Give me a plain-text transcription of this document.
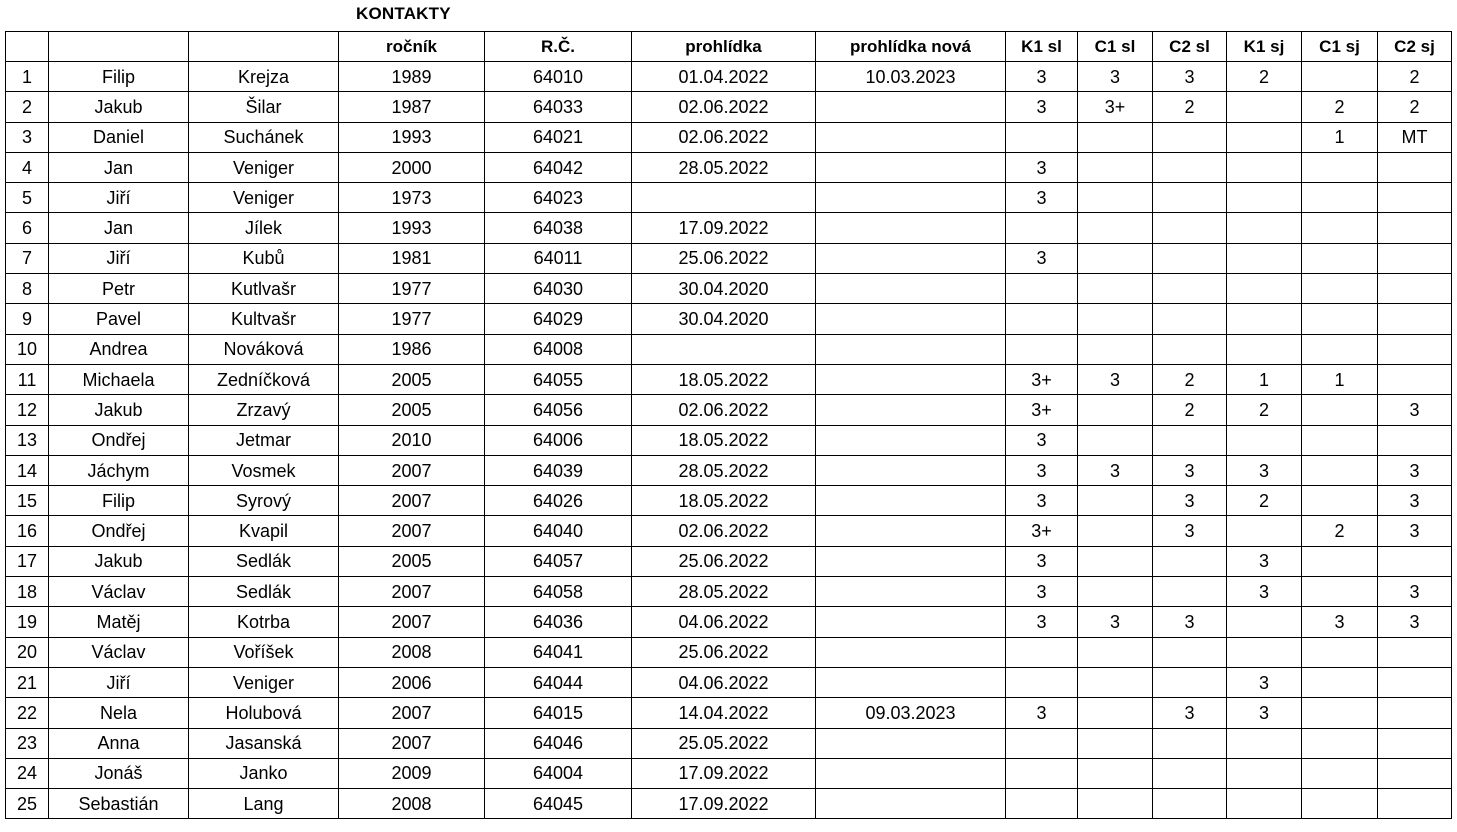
KONTAKTY
			ročník	R.Č.	prohlídka	prohlídka nová	K1 sl	C1 sl	C2 sl	K1 sj	C1 sj	C2 sj
1	Filip	Krejza	1989	64010	01.04.2022	10.03.2023	3	3	3	2		2
2	Jakub	Šilar	1987	64033	02.06.2022		3	3+	2		2	2
3	Daniel	Suchánek	1993	64021	02.06.2022						1	MT
4	Jan	Veniger	2000	64042	28.05.2022		3					
5	Jiří	Veniger	1973	64023			3					
6	Jan	Jílek	1993	64038	17.09.2022							
7	Jiří	Kubů	1981	64011	25.06.2022		3					
8	Petr	Kutlvašr	1977	64030	30.04.2020							
9	Pavel	Kultvašr	1977	64029	30.04.2020							
10	Andrea	Nováková	1986	64008								
11	Michaela	Zedníčková	2005	64055	18.05.2022		3+	3	2	1	1	
12	Jakub	Zrzavý	2005	64056	02.06.2022		3+		2	2		3
13	Ondřej	Jetmar	2010	64006	18.05.2022		3					
14	Jáchym	Vosmek	2007	64039	28.05.2022		3	3	3	3		3
15	Filip	Syrový	2007	64026	18.05.2022		3		3	2		3
16	Ondřej	Kvapil	2007	64040	02.06.2022		3+		3		2	3
17	Jakub	Sedlák	2005	64057	25.06.2022		3			3		
18	Václav	Sedlák	2007	64058	28.05.2022		3			3		3
19	Matěj	Kotrba	2007	64036	04.06.2022		3	3	3		3	3
20	Václav	Voříšek	2008	64041	25.06.2022							
21	Jiří	Veniger	2006	64044	04.06.2022					3		
22	Nela	Holubová	2007	64015	14.04.2022	09.03.2023	3		3	3		
23	Anna	Jasanská	2007	64046	25.05.2022							
24	Jonáš	Janko	2009	64004	17.09.2022							
25	Sebastián	Lang	2008	64045	17.09.2022							
